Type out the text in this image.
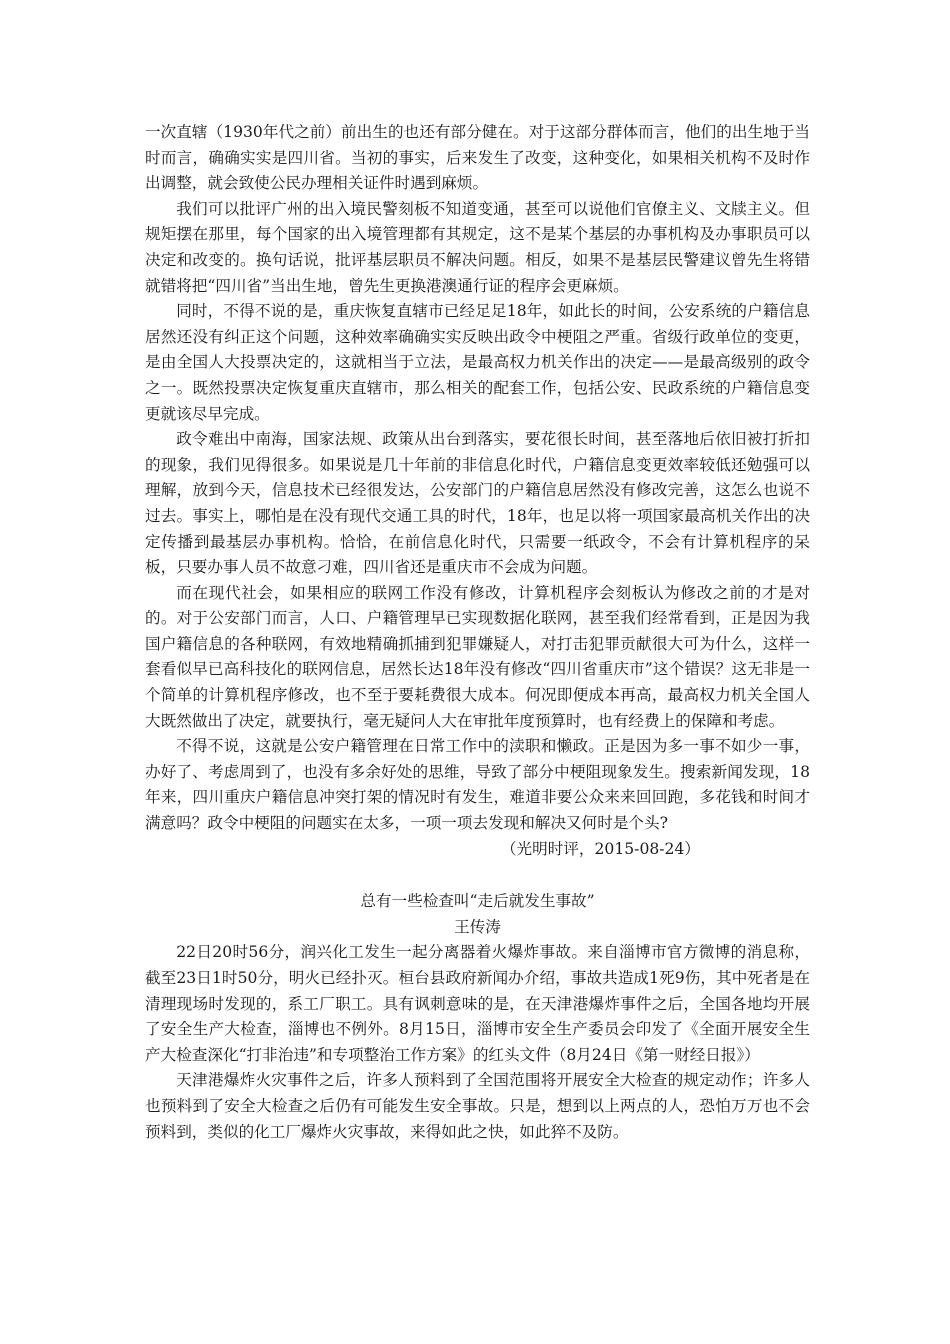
一次直辖（1930年代之前）前出生的也还有部分健在。对于这部分群体而言，他们的出生地于当时而言，确确实实是四川省。当初的事实，后来发生了改变，这种变化，如果相关机构不及时作出调整，就会致使公民办理相关证件时遇到麻烦。

我们可以批评广州的出入境民警刻板不知道变通，甚至可以说他们官僚主义、文牍主义。但规矩摆在那里，每个国家的出入境管理都有其规定，这不是某个基层的办事机构及办事职员可以决定和改变的。换句话说，批评基层职员不解决问题。相反，如果不是基层民警建议曾先生将错就错将把“四川省”当出生地，曾先生更换港澳通行证的程序会更麻烦。

同时，不得不说的是，重庆恢复直辖市已经足足18年，如此长的时间，公安系统的户籍信息居然还没有纠正这个问题，这种效率确确实实反映出政令中梗阻之严重。省级行政单位的变更，是由全国人大投票决定的，这就相当于立法，是最高权力机关作出的决定——是最高级别的政令之一。既然投票决定恢复重庆直辖市，那么相关的配套工作，包括公安、民政系统的户籍信息变更就该尽早完成。

政令难出中南海，国家法规、政策从出台到落实，要花很长时间，甚至落地后依旧被打折扣的现象，我们见得很多。如果说是几十年前的非信息化时代，户籍信息变更效率较低还勉强可以理解，放到今天，信息技术已经很发达，公安部门的户籍信息居然没有修改完善，这怎么也说不过去。事实上，哪怕是在没有现代交通工具的时代，18年，也足以将一项国家最高机关作出的决定传播到最基层办事机构。恰恰，在前信息化时代，只需要一纸政令，不会有计算机程序的呆板，只要办事人员不故意刁难，四川省还是重庆市不会成为问题。

而在现代社会，如果相应的联网工作没有修改，计算机程序会刻板认为修改之前的才是对的。对于公安部门而言，人口、户籍管理早已实现数据化联网，甚至我们经常看到，正是因为我国户籍信息的各种联网，有效地精确抓捕到犯罪嫌疑人，对打击犯罪贡献很大可为什么，这样一套看似早已高科技化的联网信息，居然长达18年没有修改“四川省重庆市”这个错误？这无非是一个简单的计算机程序修改，也不至于要耗费很大成本。何况即便成本再高，最高权力机关全国人大既然做出了决定，就要执行，毫无疑问人大在审批年度预算时，也有经费上的保障和考虑。

不得不说，这就是公安户籍管理在日常工作中的渎职和懒政。正是因为多一事不如少一事，办好了、考虑周到了，也没有多余好处的思维，导致了部分中梗阻现象发生。搜索新闻发现，18年来，四川重庆户籍信息冲突打架的情况时有发生，难道非要公众来来回回跑，多花钱和时间才满意吗？政令中梗阻的问题实在太多，一项一项去发现和解决又何时是个头?
（光明时评，2015-08-24）

总有一些检查叫“走后就发生事故”

王传涛

22日20时56分，润兴化工发生一起分离器着火爆炸事故。来自淄博市官方微博的消息称，截至23日1时50分，明火已经扑灭。桓台县政府新闻办介绍，事故共造成1死9伤，其中死者是在清理现场时发现的，系工厂职工。具有讽刺意味的是，在天津港爆炸事件之后，全国各地均开展了安全生产大检查，淄博也不例外。8月15日，淄博市安全生产委员会印发了《全面开展安全生产大检查深化“打非治违”和专项整治工作方案》的红头文件（8月24日《第一财经日报》）

天津港爆炸火灾事件之后，许多人预料到了全国范围将开展安全大检查的规定动作；许多人也预料到了安全大检查之后仍有可能发生安全事故。只是，想到以上两点的人，恐怕万万也不会预料到，类似的化工厂爆炸火灾事故，来得如此之快，如此猝不及防。
